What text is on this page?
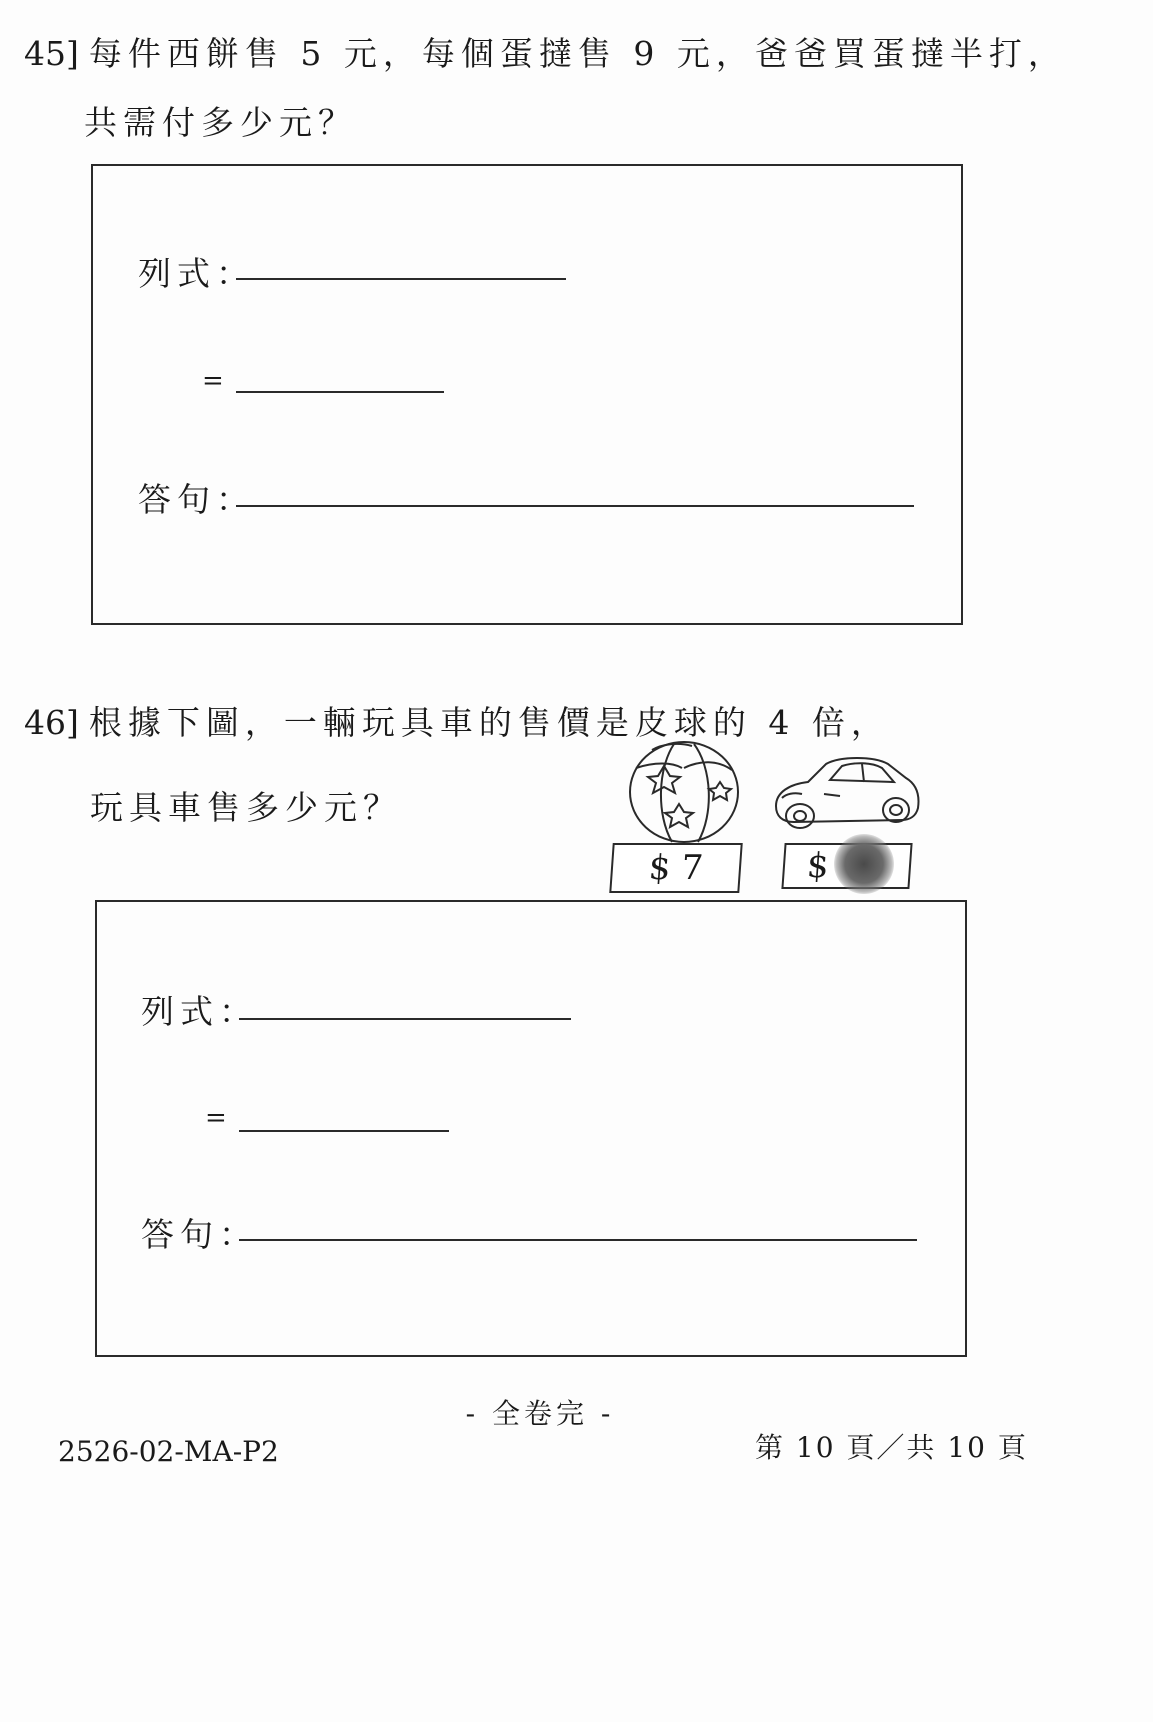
45] 每件西餅售 5 元，每個蛋撻售 9 元，爸爸買蛋撻半打，
共需付多少元？
列式：
=
答句：
46] 根據下圖，一輛玩具車的售價是皮球的 4 倍，
玩具車售多少元？
$ 7	$
列式：
=
答句：
- 全卷完 -
2526-02-MA-P2	第 10 頁／共 10 頁
